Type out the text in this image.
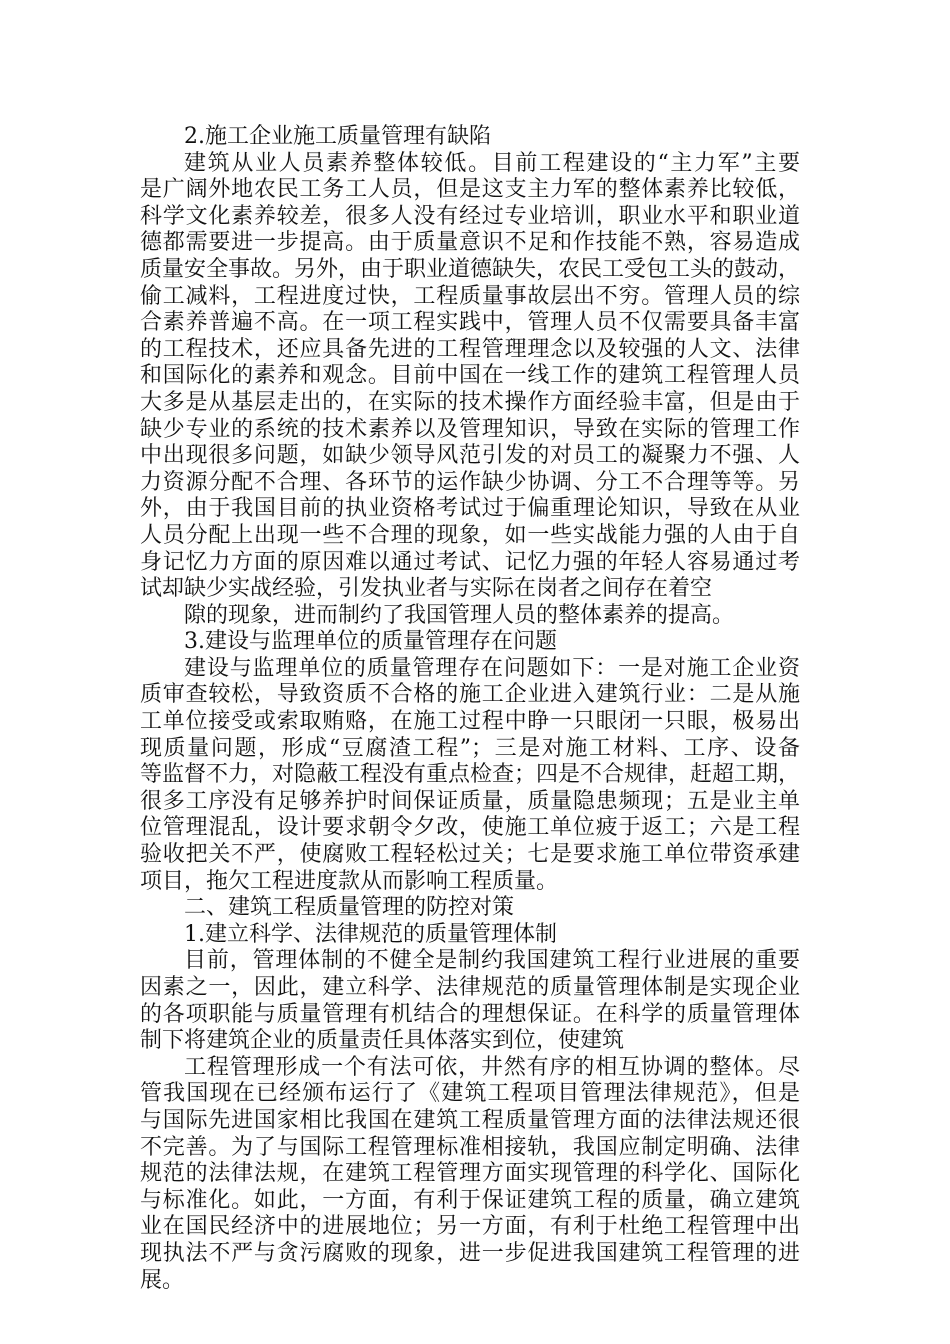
2.施工企业施工质量管理有缺陷
建筑从业人员素养整体较低。目前工程建设的“主力军”主要
是广阔外地农民工务工人员，但是这支主力军的整体素养比较低，
科学文化素养较差，很多人没有经过专业培训，职业水平和职业道
德都需要进一步提高。由于质量意识不足和作技能不熟，容易造成
质量安全事故。另外，由于职业道德缺失，农民工受包工头的鼓动，
偷工减料，工程进度过快，工程质量事故层出不穷。管理人员的综
合素养普遍不高。在一项工程实践中，管理人员不仅需要具备丰富
的工程技术，还应具备先进的工程管理理念以及较强的人文、法律
和国际化的素养和观念。目前中国在一线工作的建筑工程管理人员
大多是从基层走出的，在实际的技术操作方面经验丰富，但是由于
缺少专业的系统的技术素养以及管理知识，导致在实际的管理工作
中出现很多问题，如缺少领导风范引发的对员工的凝聚力不强、人
力资源分配不合理、各环节的运作缺少协调、分工不合理等等。另
外，由于我国目前的执业资格考试过于偏重理论知识，导致在从业
人员分配上出现一些不合理的现象，如一些实战能力强的人由于自
身记忆力方面的原因难以通过考试、记忆力强的年轻人容易通过考
试却缺少实战经验，引发执业者与实际在岗者之间存在着空
隙的现象，进而制约了我国管理人员的整体素养的提高。
3.建设与监理单位的质量管理存在问题
建设与监理单位的质量管理存在问题如下：一是对施工企业资
质审查较松，导致资质不合格的施工企业进入建筑行业：二是从施
工单位接受或索取贿赂，在施工过程中睁一只眼闭一只眼，极易出
现质量问题，形成“豆腐渣工程”；三是对施工材料、工序、设备
等监督不力，对隐蔽工程没有重点检查；四是不合规律，赶超工期，
很多工序没有足够养护时间保证质量，质量隐患频现；五是业主单
位管理混乱，设计要求朝令夕改，使施工单位疲于返工；六是工程
验收把关不严，使腐败工程轻松过关；七是要求施工单位带资承建
项目，拖欠工程进度款从而影响工程质量。
二、建筑工程质量管理的防控对策
1.建立科学、法律规范的质量管理体制
目前，管理体制的不健全是制约我国建筑工程行业进展的重要
因素之一，因此，建立科学、法律规范的质量管理体制是实现企业
的各项职能与质量管理有机结合的理想保证。在科学的质量管理体
制下将建筑企业的质量责任具体落实到位，使建筑
工程管理形成一个有法可依，井然有序的相互协调的整体。尽
管我国现在已经颁布运行了《建筑工程项目管理法律规范》，但是
与国际先进国家相比我国在建筑工程质量管理方面的法律法规还很
不完善。为了与国际工程管理标准相接轨，我国应制定明确、法律
规范的法律法规，在建筑工程管理方面实现管理的科学化、国际化
与标准化。如此，一方面，有利于保证建筑工程的质量，确立建筑
业在国民经济中的进展地位；另一方面，有利于杜绝工程管理中出
现执法不严与贪污腐败的现象，进一步促进我国建筑工程管理的进
展。
